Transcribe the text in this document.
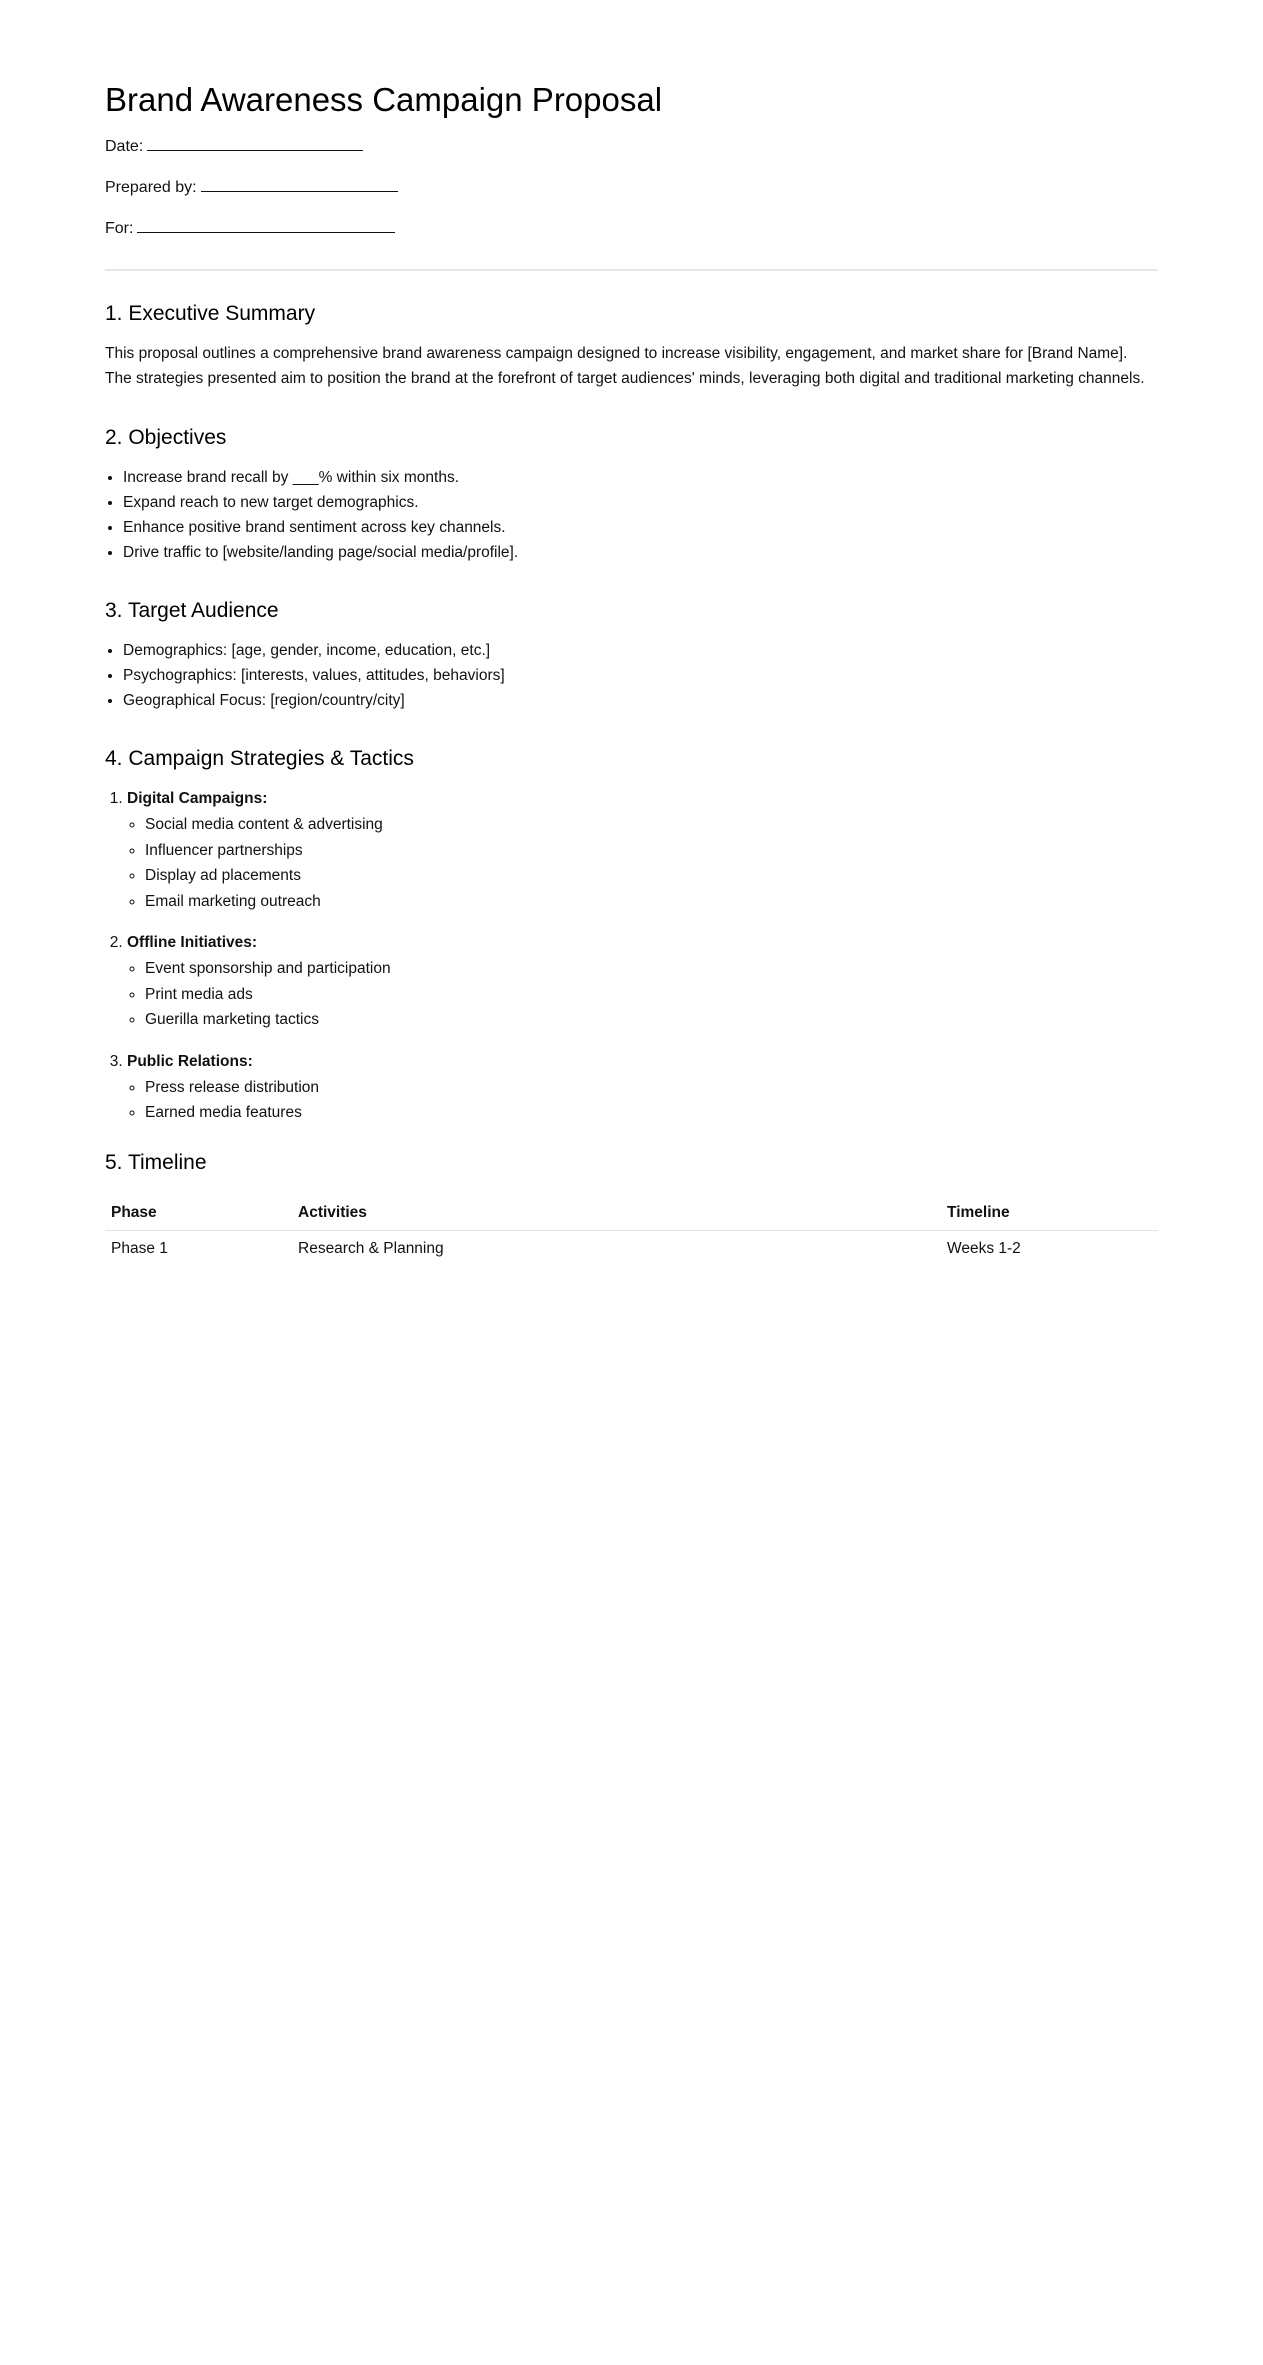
Brand Awareness Campaign Proposal
Date:
Prepared by:
For:
1. Executive Summary

This proposal outlines a comprehensive brand awareness campaign designed to increase visibility, engagement, and market share for [Brand Name]. The strategies presented aim to position the brand at the forefront of target audiences' minds, leveraging both digital and traditional marketing channels.

2. Objectives
• Increase brand recall by ___% within six months.
• Expand reach to new target demographics.
• Enhance positive brand sentiment across key channels.
• Drive traffic to [website/landing page/social media/profile].
3. Target Audience
• Demographics: [age, gender, income, education, etc.]
• Psychographics: [interests, values, attitudes, behaviors]
• Geographical Focus: [region/country/city]
4. Campaign Strategies & Tactics
1. Digital Campaigns:
◦ Social media content & advertising
◦ Influencer partnerships
◦ Display ad placements
◦ Email marketing outreach
2. Offline Initiatives:
◦ Event sponsorship and participation
◦ Print media ads
◦ Guerilla marketing tactics
3. Public Relations:
◦ Press release distribution
◦ Earned media features
5. Timeline
Phase	Activities	Timeline
Phase 1	Research & Planning	Weeks 1-2
